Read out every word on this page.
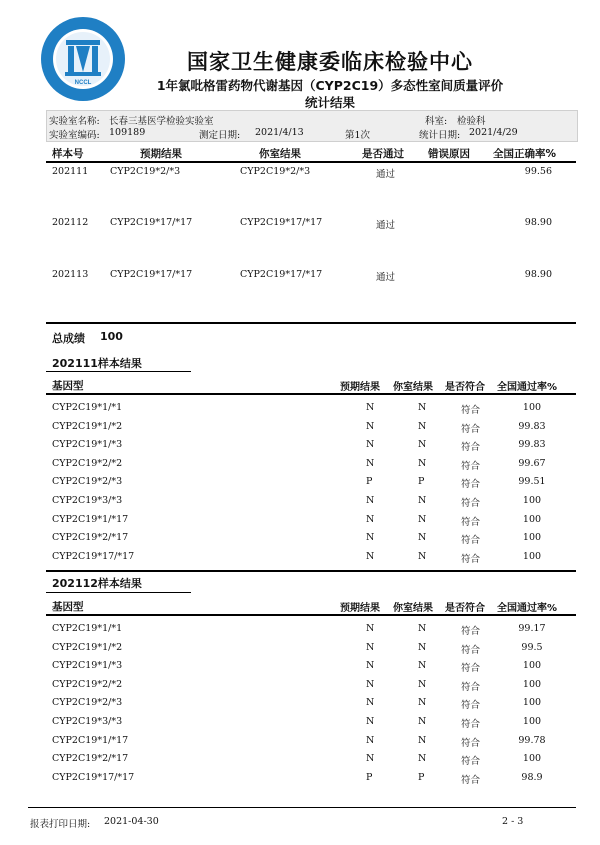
NCCL
国家卫生健康委临床检验中心
1年氯吡格雷药物代谢基因（CYP2C19）多态性室间质量评价
统计结果
实验室名称: 长春三基医学检验实验室	科室: 检验科
实验室编码: 109189	测定日期: 2021/4/13	第1次	统计日期: 2021/4/29
样本号	预期结果	你室结果	是否通过 错误原因 全国正确率%
202111 CYP2C19*2/*3	CYP2C19*2/*3	通过	99.56
202112 CYP2C19*17/*17	CYP2C19*17/*17	通过	98.90
202113 CYP2C19*17/*17	CYP2C19*17/*17	通过	98.90
总成绩 100
202111样本结果
基因型	预期结果 你室结果 是否符合 全国通过率%
CYP2C19*1/*1	N	N	符合	100
CYP2C19*1/*2	N	N	符合	99.83
CYP2C19*1/*3	N	N	符合	99.83
CYP2C19*2/*2	N	N	符合	99.67
CYP2C19*2/*3	P	P	符合	99.51
CYP2C19*3/*3	N	N	符合	100
CYP2C19*1/*17	N	N	符合	100
CYP2C19*2/*17	N	N	符合	100
CYP2C19*17/*17	N	N	符合	100
202112样本结果
基因型	预期结果 你室结果 是否符合 全国通过率%
CYP2C19*1/*1	N	N	符合	99.17
CYP2C19*1/*2	N	N	符合	99.5
CYP2C19*1/*3	N	N	符合	100
CYP2C19*2/*2	N	N	符合	100
CYP2C19*2/*3	N	N	符合	100
CYP2C19*3/*3	N	N	符合	100
CYP2C19*1/*17	N	N	符合	99.78
CYP2C19*2/*17	N	N	符合	100
CYP2C19*17/*17	P	P	符合	98.9
报表打印日期: 2021-04-30	2 - 3
